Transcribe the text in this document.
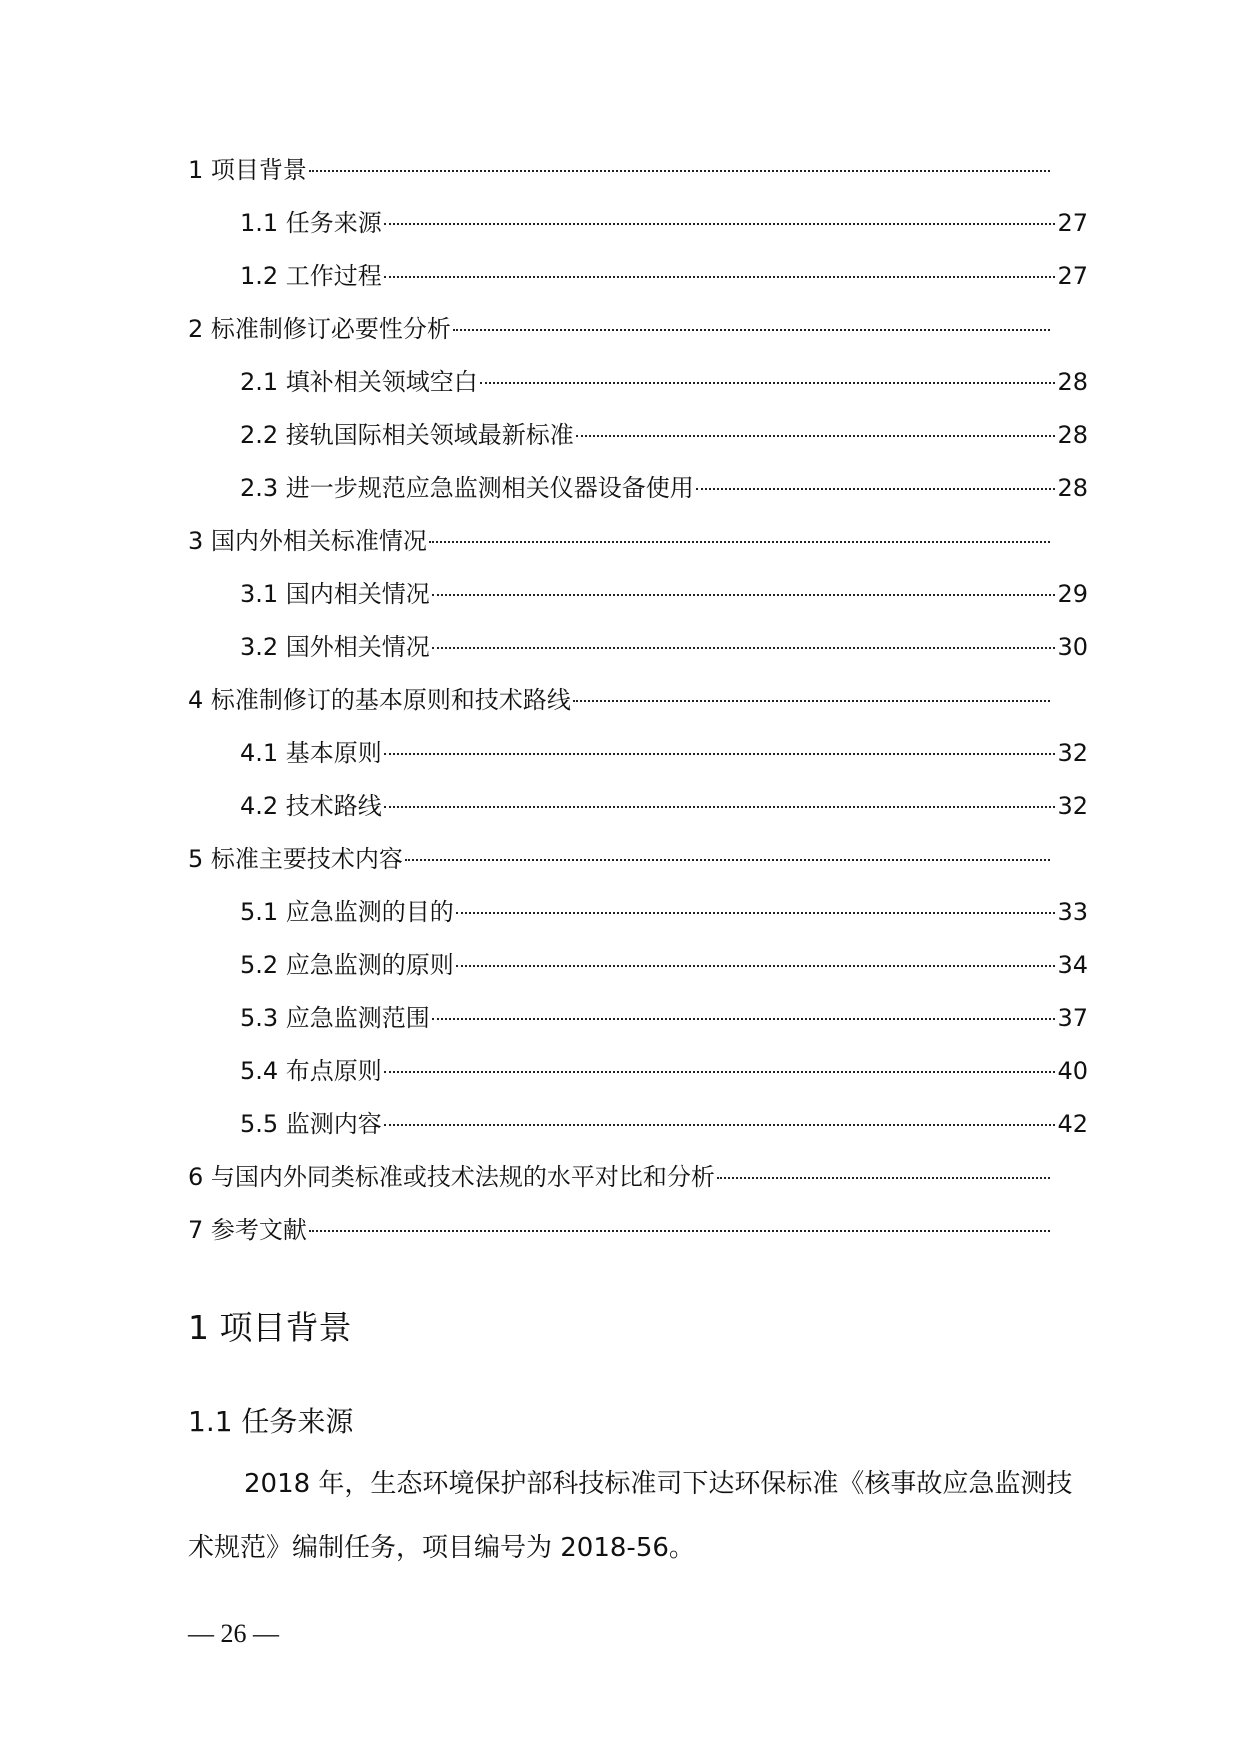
1 项目背景
1.1 任务来源	27
1.2 工作过程	27
2 标准制修订必要性分析
2.1 填补相关领域空白	28
2.2 接轨国际相关领域最新标准	28
2.3 进一步规范应急监测相关仪器设备使用	28
3 国内外相关标准情况
3.1 国内相关情况	29
3.2 国外相关情况	30
4 标准制修订的基本原则和技术路线
4.1 基本原则	32
4.2 技术路线	32
5 标准主要技术内容
5.1 应急监测的目的	33
5.2 应急监测的原则	34
5.3 应急监测范围	37
5.4 布点原则	40
5.5 监测内容	42
6 与国内外同类标准或技术法规的水平对比和分析
7 参考文献
1 项目背景
1.1 任务来源

2018 年，生态环境保护部科技标准司下达环保标准《核事故应急监测技术规范》编制任务，项目编号为 2018-56。

— 26 —
